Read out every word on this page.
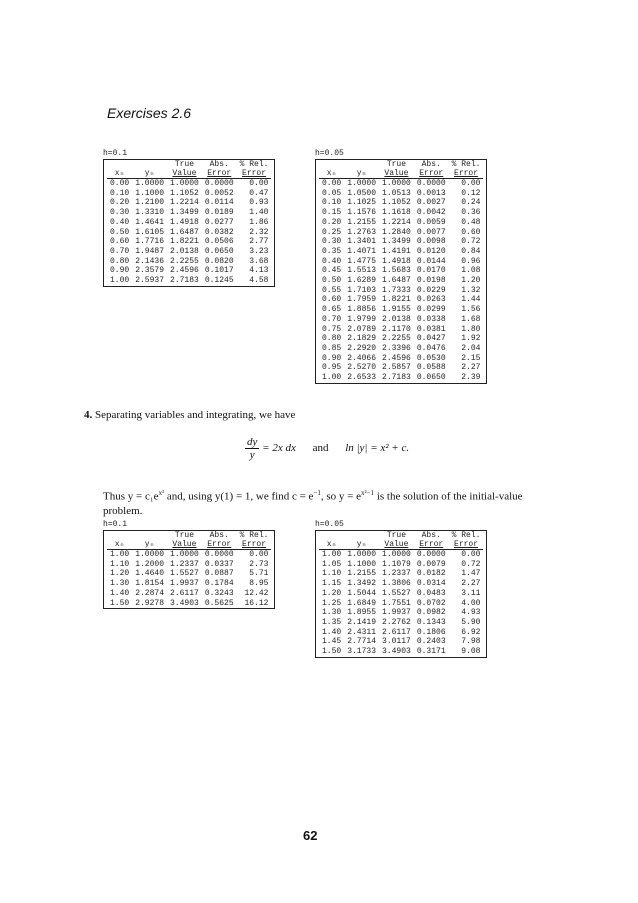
Exercises 2.6
h=0.1
		True	Abs.	% Rel.
xₙ	yₙ	Value	Error	Error
0.00	1.0000	1.0000	0.0000	0.00
0.10	1.1000	1.1052	0.0052	0.47
0.20	1.2100	1.2214	0.0114	0.93
0.30	1.3310	1.3499	0.0189	1.40
0.40	1.4641	1.4918	0.0277	1.86
0.50	1.6105	1.6487	0.0382	2.32
0.60	1.7716	1.8221	0.0506	2.77
0.70	1.9487	2.0138	0.0650	3.23
0.80	2.1436	2.2255	0.0820	3.68
0.90	2.3579	2.4596	0.1017	4.13
1.00	2.5937	2.7183	0.1245	4.58
h=0.05
		True	Abs.	% Rel.
xₙ	yₙ	Value	Error	Error
0.00	1.0000	1.0000	0.0000	0.00
0.05	1.0500	1.0513	0.0013	0.12
0.10	1.1025	1.1052	0.0027	0.24
0.15	1.1576	1.1618	0.0042	0.36
0.20	1.2155	1.2214	0.0059	0.48
0.25	1.2763	1.2840	0.0077	0.60
0.30	1.3401	1.3499	0.0098	0.72
0.35	1.4071	1.4191	0.0120	0.84
0.40	1.4775	1.4918	0.0144	0.96
0.45	1.5513	1.5683	0.0170	1.08
0.50	1.6289	1.6487	0.0198	1.20
0.55	1.7103	1.7333	0.0229	1.32
0.60	1.7959	1.8221	0.0263	1.44
0.65	1.8856	1.9155	0.0299	1.56
0.70	1.9799	2.0138	0.0338	1.68
0.75	2.0789	2.1170	0.0381	1.80
0.80	2.1829	2.2255	0.0427	1.92
0.85	2.2920	2.3396	0.0476	2.04
0.90	2.4066	2.4596	0.0530	2.15
0.95	2.5270	2.5857	0.0588	2.27
1.00	2.6533	2.7183	0.0650	2.39
4. Separating variables and integrating, we have
$\frac{dy}{y} = 2x$ dx and ln |y| = x² + c.
Thus $y = c_1e^{x^2}$ and, using y(1) = 1, we find $c = e^{-1}$, so $y = e^{x^2-1}$ is the solution of the initial-value
problem.
h=0.1
		True	Abs.	% Rel.
xₙ	yₙ	Value	Error	Error
1.00	1.0000	1.0000	0.0000	0.00
1.10	1.2000	1.2337	0.0337	2.73
1.20	1.4640	1.5527	0.0887	5.71
1.30	1.8154	1.9937	0.1784	8.95
1.40	2.2874	2.6117	0.3243	12.42
1.50	2.9278	3.4903	0.5625	16.12
h=0.05
		True	Abs.	% Rel.
xₙ	yₙ	Value	Error	Error
1.00	1.0000	1.0000	0.0000	0.00
1.05	1.1000	1.1079	0.0079	0.72
1.10	1.2155	1.2337	0.0182	1.47
1.15	1.3492	1.3806	0.0314	2.27
1.20	1.5044	1.5527	0.0483	3.11
1.25	1.6849	1.7551	0.0702	4.00
1.30	1.8955	1.9937	0.0982	4.93
1.35	2.1419	2.2762	0.1343	5.90
1.40	2.4311	2.6117	0.1806	6.92
1.45	2.7714	3.0117	0.2403	7.98
1.50	3.1733	3.4903	0.3171	9.08
62
